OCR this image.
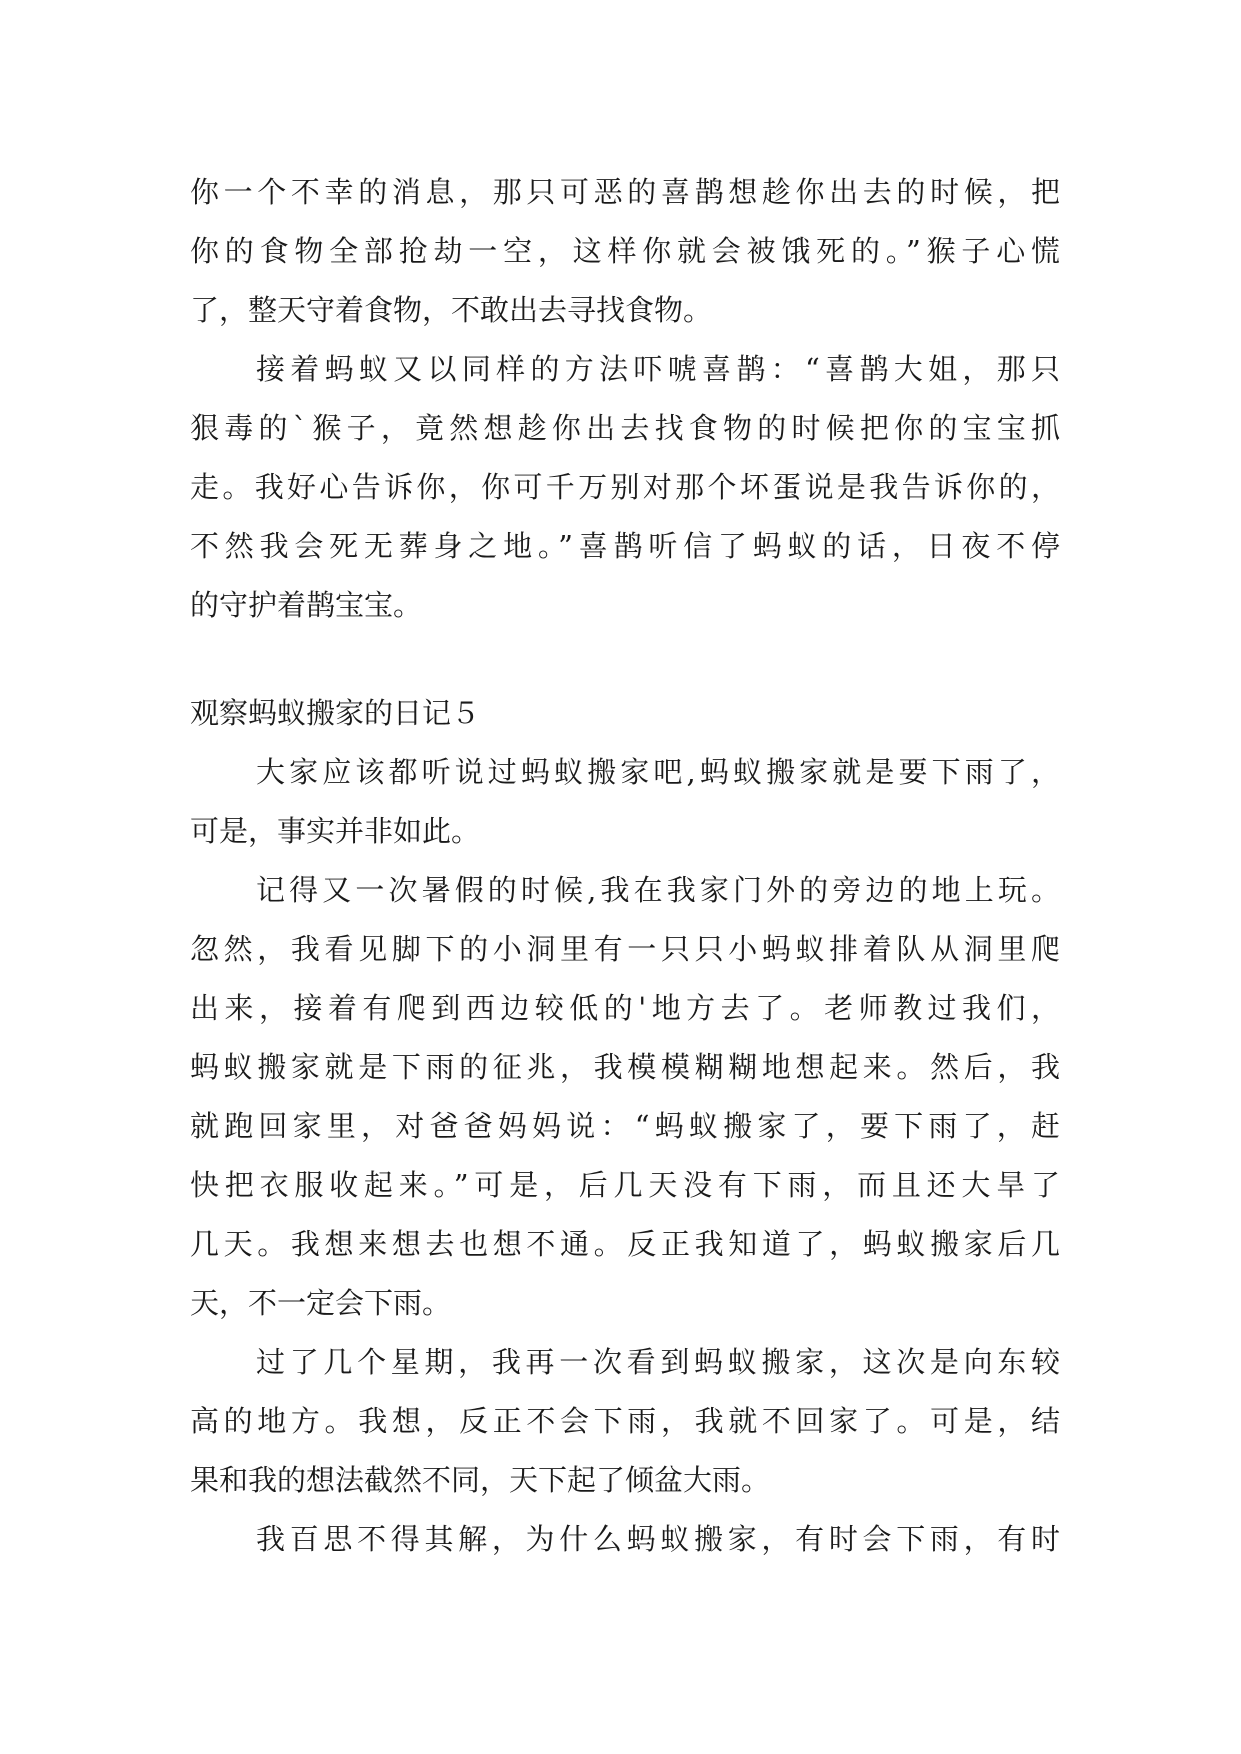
你一个不幸的消息，那只可恶的喜鹊想趁你出去的时候，把
你的食物全部抢劫一空，这样你就会被饿死的。”猴子心慌
了，整天守着食物，不敢出去寻找食物。
接着蚂蚁又以同样的方法吓唬喜鹊：“喜鹊大姐，那只
狠毒的`猴子，竟然想趁你出去找食物的时候把你的宝宝抓
走。我好心告诉你，你可千万别对那个坏蛋说是我告诉你的，
不然我会死无葬身之地。”喜鹊听信了蚂蚁的话，日夜不停
的守护着鹊宝宝。
观察蚂蚁搬家的日记５
大家应该都听说过蚂蚁搬家吧,蚂蚁搬家就是要下雨了，
可是，事实并非如此。
记得又一次暑假的时候,我在我家门外的旁边的地上玩。
忽然，我看见脚下的小洞里有一只只小蚂蚁排着队从洞里爬
出来，接着有爬到西边较低的'地方去了。老师教过我们，
蚂蚁搬家就是下雨的征兆，我模模糊糊地想起来。然后，我
就跑回家里，对爸爸妈妈说：“蚂蚁搬家了，要下雨了，赶
快把衣服收起来。”可是，后几天没有下雨，而且还大旱了
几天。我想来想去也想不通。反正我知道了，蚂蚁搬家后几
天，不一定会下雨。
过了几个星期，我再一次看到蚂蚁搬家，这次是向东较
高的地方。我想，反正不会下雨，我就不回家了。可是，结
果和我的想法截然不同，天下起了倾盆大雨。
我百思不得其解，为什么蚂蚁搬家，有时会下雨，有时
